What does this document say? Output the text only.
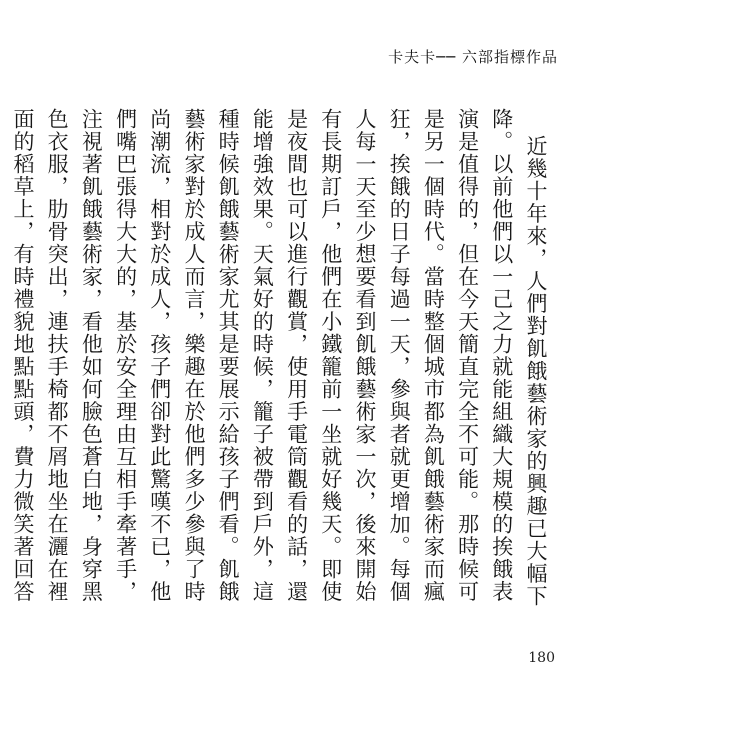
卡夫卡── 六部指標作品

近幾十年來，人們對飢餓藝術家的興趣已大幅下降。以前他們以一己之力就能組織大規模的挨餓表演是值得的，但在今天簡直完全不可能。那時候可是另一個時代。當時整個城市都為飢餓藝術家而瘋狂，挨餓的日子每過一天，參與者就更增加。每個人每一天至少想要看到飢餓藝術家一次，後來開始有長期訂戶，他們在小鐵籠前一坐就好幾天。即使是夜間也可以進行觀賞，使用手電筒觀看的話，還能增強效果。天氣好的時候，籠子被帶到戶外，這種時候飢餓藝術家尤其是要展示給孩子們看。飢餓藝術家對於成人而言，樂趣在於他們多少參與了時尚潮流，相對於成人，孩子們卻對此驚嘆不已，他們嘴巴張得大大的，基於安全理由互相手牽著手，注視著飢餓藝術家，看他如何臉色蒼白地，身穿黑色衣服，肋骨突出，連扶手椅都不屑地坐在灑在裡面的稻草上，有時禮貌地點點頭，費力微笑著回答

180
